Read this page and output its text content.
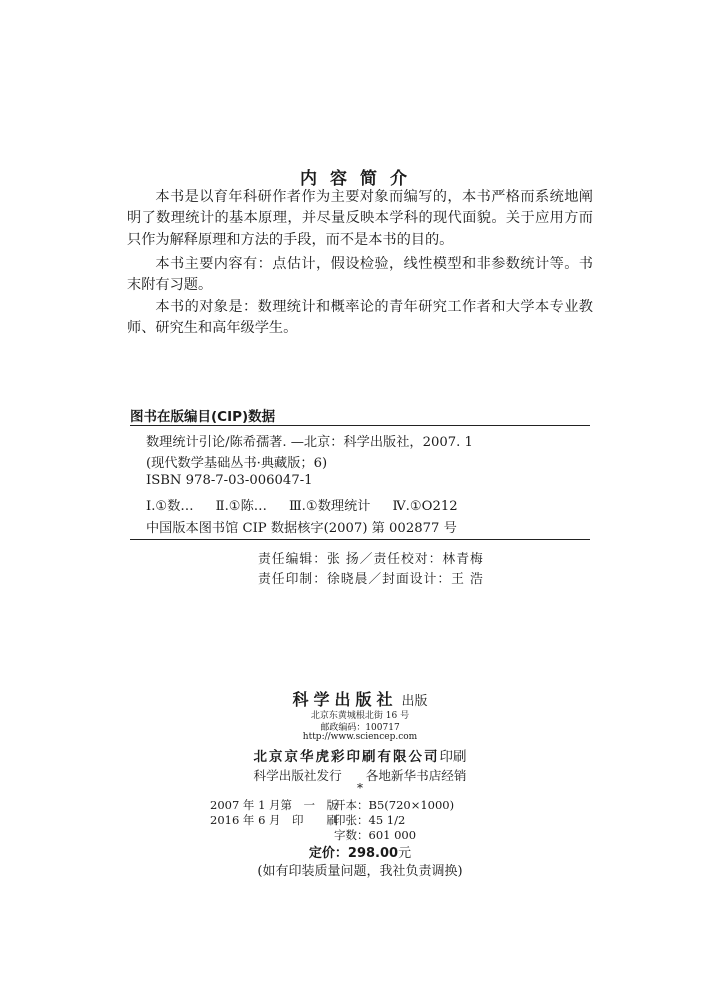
内容简介
本书是以育年科研作者作为主要对象而编写的，本书严格而系统地阐明了数理统计的基本原理，并尽量反映本学科的现代面貌。关于应用方而只作为解释原理和方法的手段，而不是本书的目的。
本书主要内容有：点估计，假设检验，线性模型和非参数统计等。书末附有习题。
本书的对象是：数理统计和概率论的青年研究工作者和大学本专业教师、研究生和高年级学生。
图书在版编目(CIP)数据
数理统计引论/陈希孺著. —北京：科学出版社，2007. 1
(现代数学基础丛书·典藏版；6)
ISBN 978-7-03-006047-1
Ⅰ.①数… Ⅱ.①陈… Ⅲ.①数理统计 Ⅳ.①O212
中国版本图书馆 CIP 数据核字(2007) 第 002877 号
责任编辑：张 扬／责任校对：林青梅
责任印制：徐晓晨／封面设计：王 浩
科学出版社 出版
北京东黄城根北街 16 号
邮政编码：100717
http://www.sciencep.com
北京京华虎彩印刷有限公司印刷
科学出版社发行 各地新华书店经销
*
2007 年 1 月第　一　版
开本：B5(720×1000)
2016 年 6 月　印　　刷
印张：45 1/2
字数：601 000
定价：298.00元
(如有印装质量问题，我社负责调换)
